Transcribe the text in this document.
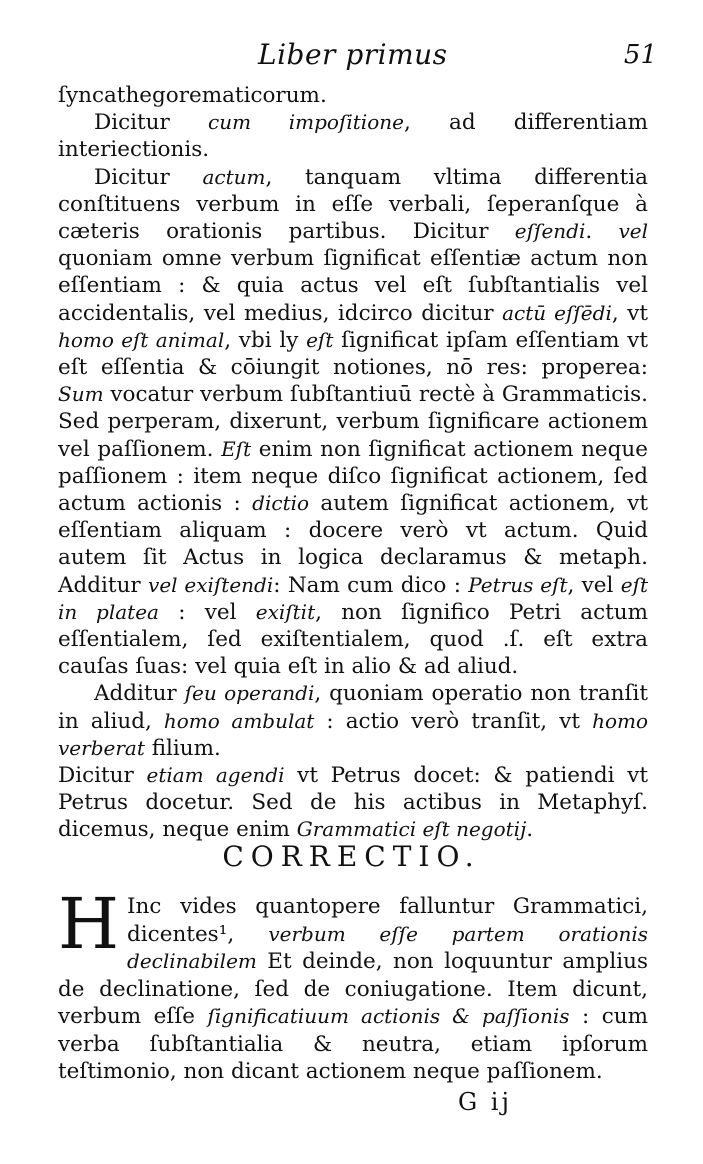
Liber primus	51

ſyncathegorematicorum.

Dicitur cum impoſitione, ad differentiam interiectionis.

Dicitur actum, tanquam vltima differentia conſtituens verbum in eſſe verbali, ſeperanſque à cæteris orationis partibus. Dicitur eſſendi. vel quoniam omne verbum ſignificat eſſentiæ actum non eſſentiam : & quia actus vel eſt ſubſtantialis vel accidentalis, vel medius, idcirco dicitur actū eſſēdi, vt homo eſt animal, vbi ly eſt ſignificat ipſam eſſentiam vt eſt eſſentia & cōiungit notiones, nō res: properea: Sum vocatur verbum ſubſtantiuū rectè à Grammaticis. Sed perperam, dixerunt, verbum ſignificare actionem vel paſſionem. Eſt enim non ſignificat actionem neque paſſionem : item neque diſco ſignificat actionem, ſed actum actionis : dictio autem ſignificat actionem, vt eſſentiam aliquam : docere verò vt actum. Quid autem ſit Actus in logica declaramus & metaph. Additur vel exiſtendi: Nam cum dico : Petrus eſt, vel eſt in platea : vel exiſtit, non ſignifico Petri actum eſſentialem, ſed exiſtentialem, quod .ſ. eſt extra cauſas ſuas: vel quia eſt in alio & ad aliud.

Additur ſeu operandi, quoniam operatio non tranſit in aliud, homo ambulat : actio verò tranſit, vt homo verberat filium.

Dicitur etiam agendi vt Petrus docet: & patiendi vt Petrus docetur. Sed de his actibus in Metaphyſ. dicemus, neque enim Grammatici eſt negotij.

CORRECTIO.
H Inc vides quantopere falluntur Grammatici, dicentes¹, verbum eſſe partem orationis declinabilem Et deinde, non loquuntur amplius de declinatione, ſed de coniugatione. Item dicunt, verbum eſſe ſignificatiuum actionis & paſſionis : cum verba ſubſtantialia & neutra, etiam ipſorum teſtimonio, non dicant actionem neque paſſionem.
G ij
